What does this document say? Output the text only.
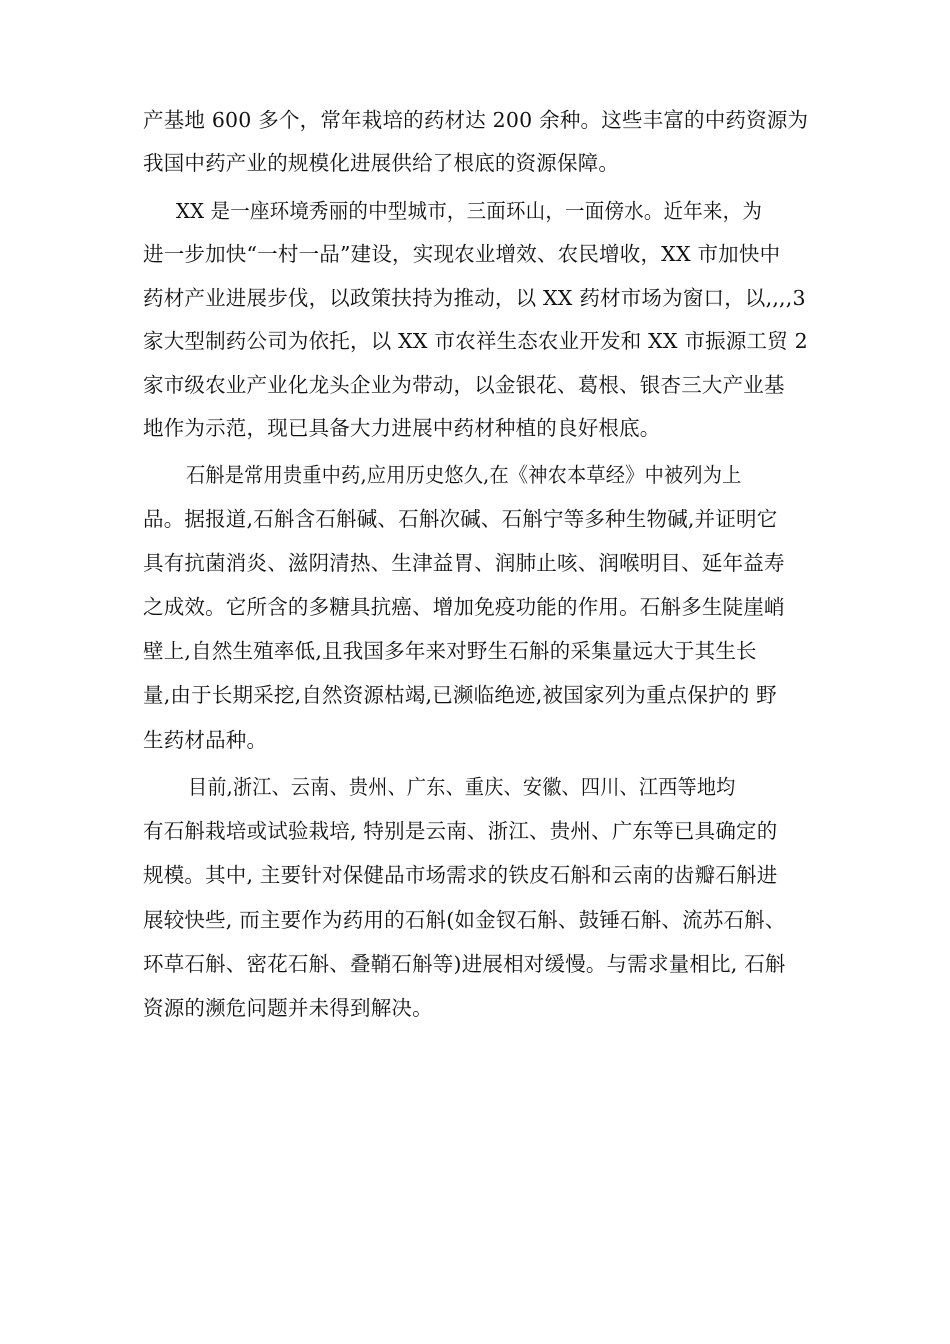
产基地 600 多个，常年栽培的药材达 200 余种。这些丰富的中药资源为
我国中药产业的规模化进展供给了根底的资源保障。
XX 是一座环境秀丽的中型城市，三面环山，一面傍水。近年来，为
进一步加快“一村一品”建设，实现农业增效、农民增收，XX 市加快中
药材产业进展步伐，以政策扶持为推动，以 XX 药材市场为窗口，以,,,,3
家大型制药公司为依托，以 XX 市农祥生态农业开发和 XX 市振源工贸 2
家市级农业产业化龙头企业为带动，以金银花、葛根、银杏三大产业基
地作为示范，现已具备大力进展中药材种植的良好根底。
石斛是常用贵重中药,应用历史悠久,在《神农本草经》中被列为上
品。据报道,石斛含石斛碱、石斛次碱、石斛宁等多种生物碱,并证明它
具有抗菌消炎、滋阴清热、生津益胃、润肺止咳、润喉明目、延年益寿
之成效。它所含的多糖具抗癌、增加免疫功能的作用。石斛多生陡崖峭
壁上,自然生殖率低,且我国多年来对野生石斛的采集量远大于其生长
量,由于长期采挖,自然资源枯竭,已濒临绝迹,被国家列为重点保护的 野
生药材品种。
目前,浙江、云南、贵州、广东、重庆、安徽、四川、江西等地均
有石斛栽培或试验栽培, 特别是云南、浙江、贵州、广东等已具确定的
规模。其中, 主要针对保健品市场需求的铁皮石斛和云南的齿瓣石斛进
展较快些, 而主要作为药用的石斛(如金钗石斛、鼓锤石斛、流苏石斛、
环草石斛、密花石斛、叠鞘石斛等)进展相对缓慢。与需求量相比, 石斛
资源的濒危问题并未得到解决。
